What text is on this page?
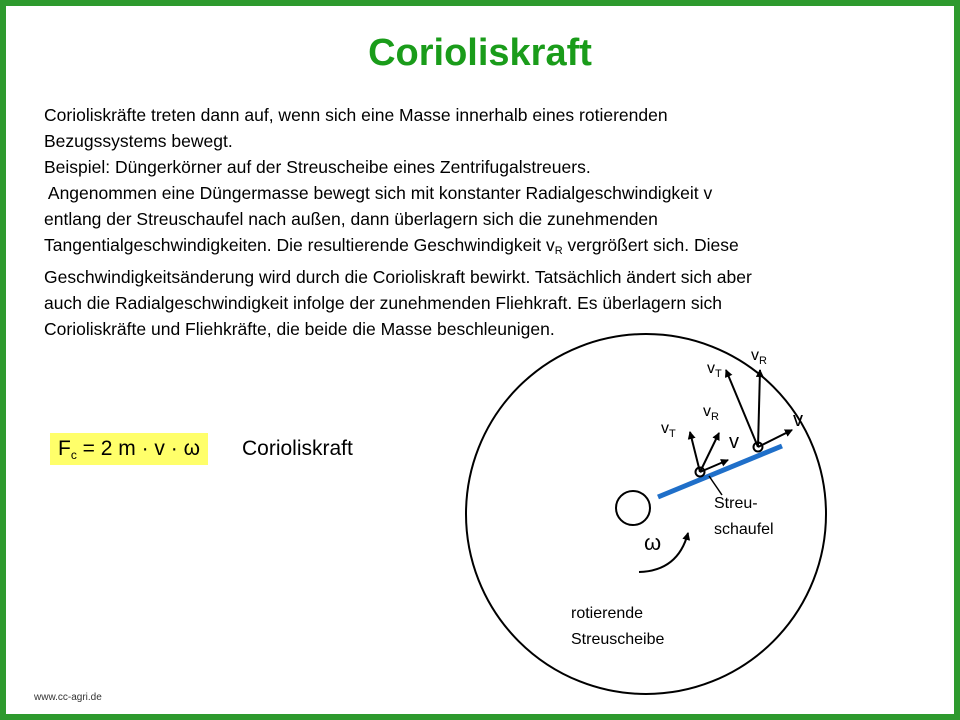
Corioliskraft
Corioliskräfte treten dann auf, wenn sich eine Masse innerhalb eines rotierenden
Bezugssystems bewegt.
Beispiel: Düngerkörner auf der Streuscheibe eines Zentrifugalstreuers.
Angenommen eine Düngermasse bewegt sich mit konstanter Radialgeschwindigkeit v
entlang der Streuschaufel nach außen, dann überlagern sich die zunehmenden
Tangentialgeschwindigkeiten. Die resultierende Geschwindigkeit $v_R$ vergrößert sich. Diese
Geschwindigkeitsänderung wird durch die Corioliskraft bewirkt. Tatsächlich ändert sich aber
auch die Radialgeschwindigkeit infolge der zunehmenden Fliehkraft. Es überlagern sich
Corioliskräfte und Fliehkräfte, die beide die Masse beschleunigen.
$F_c = 2$ m · v · ω	Corioliskraft
ω
$v_R$
$v_T$
v
$v_R$
$v_T$	v
Streu-
schaufel
rotierende
Streuscheibe
www.cc-agri.de
